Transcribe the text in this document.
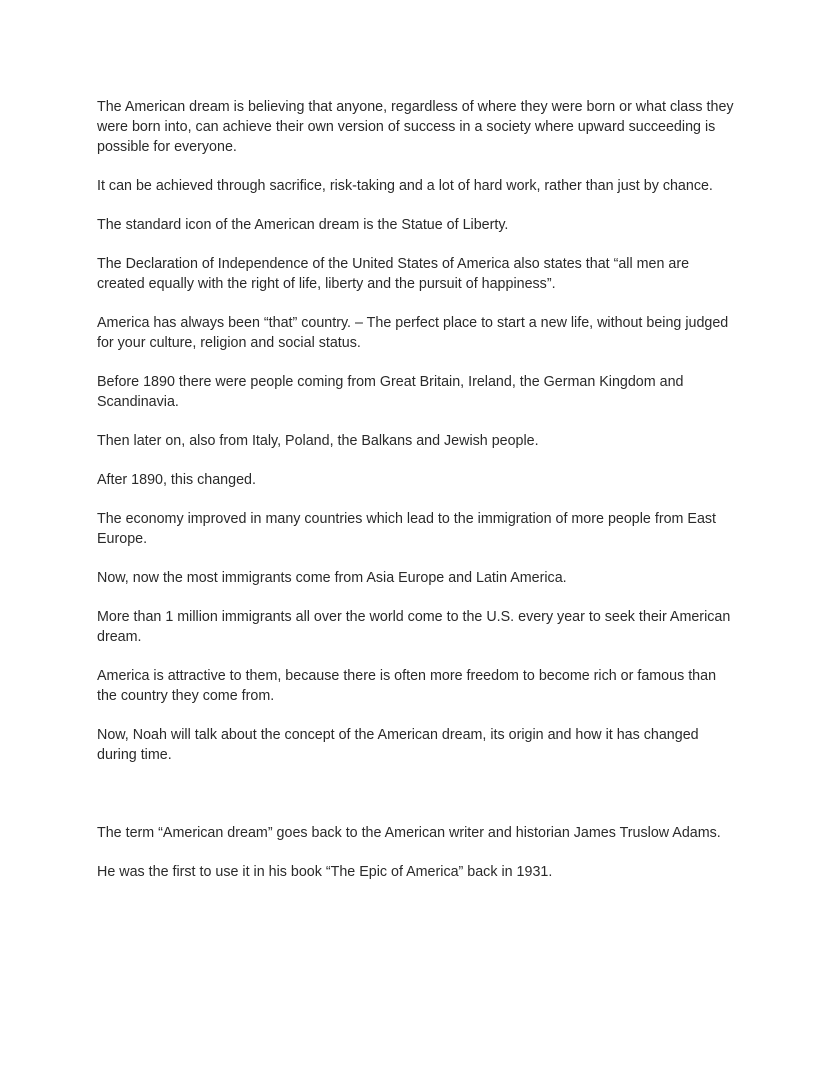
The American dream is believing that anyone, regardless of where they were born or what class they were born into, can achieve their own version of success in a society where upward succeeding is possible for everyone.

It can be achieved through sacrifice, risk-taking and a lot of hard work, rather than just by chance.

The standard icon of the American dream is the Statue of Liberty.

The Declaration of Independence of the United States of America also states that “all men are created equally with the right of life, liberty and the pursuit of happiness”.

America has always been “that” country. – The perfect place to start a new life, without being judged for your culture, religion and social status.

Before 1890 there were people coming from Great Britain, Ireland, the German Kingdom and Scandinavia.

Then later on, also from Italy, Poland, the Balkans and Jewish people.

After 1890, this changed.

The economy improved in many countries which lead to the immigration of more people from East Europe.

Now, now the most immigrants come from Asia Europe and Latin America.

More than 1 million immigrants all over the world come to the U.S. every year to seek their American dream.

America is attractive to them, because there is often more freedom to become rich or famous than the country they come from.

Now, Noah will talk about the concept of the American dream, its origin and how it has changed during time.

The term “American dream” goes back to the American writer and historian James Truslow Adams.

He was the first to use it in his book “The Epic of America” back in 1931.
